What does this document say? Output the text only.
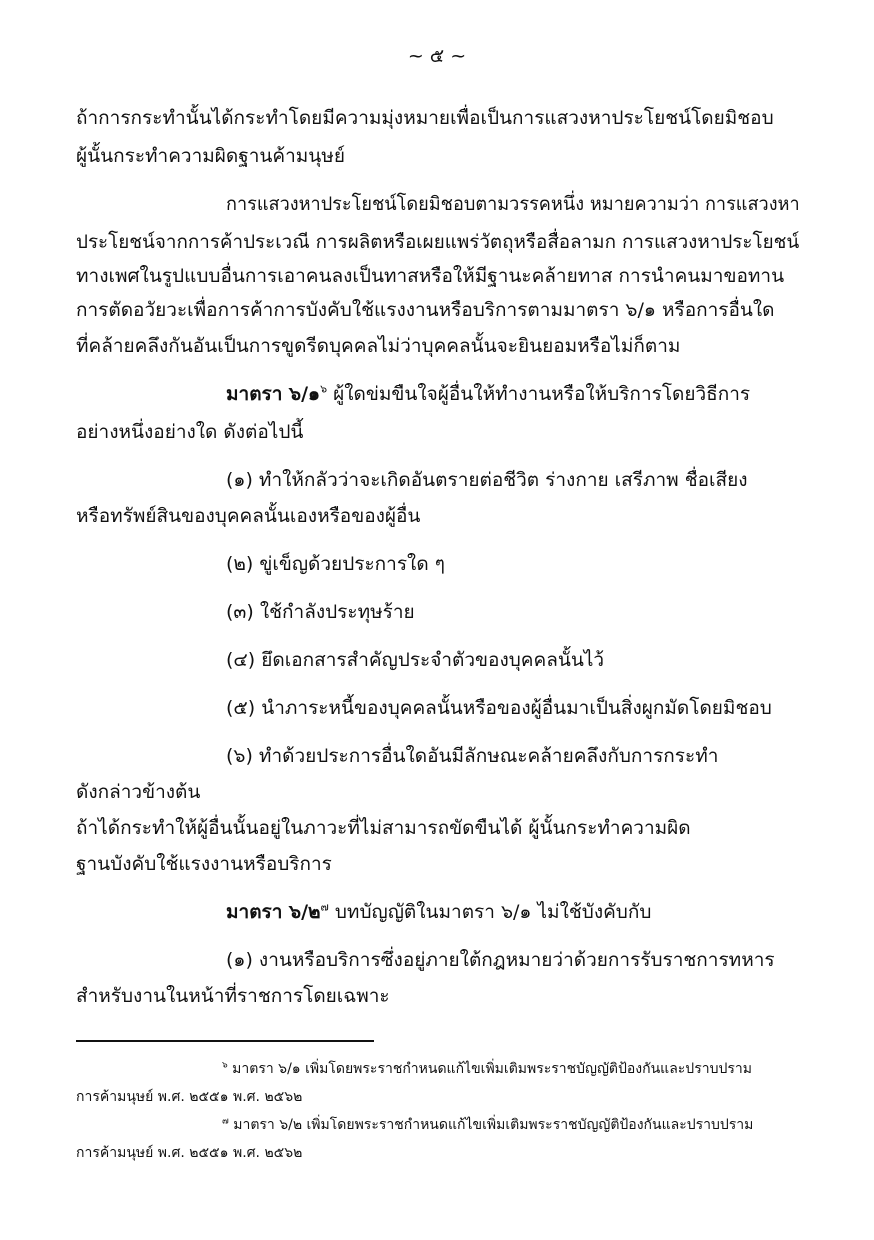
~ ๕ ~
ถ้าการกระทำนั้นได้กระทำโดยมีความมุ่งหมายเพื่อเป็นการแสวงหาประโยชน์โดยมิชอบ
ผู้นั้นกระทำความผิดฐานค้ามนุษย์
การแสวงหาประโยชน์โดยมิชอบตามวรรคหนึ่ง หมายความว่า การแสวงหา
ประโยชน์จากการค้าประเวณี การผลิตหรือเผยแพร่วัตถุหรือสื่อลามก การแสวงหาประโยชน์
ทางเพศในรูปแบบอื่นการเอาคนลงเป็นทาสหรือให้มีฐานะคล้ายทาส การนำคนมาขอทาน
การตัดอวัยวะเพื่อการค้าการบังคับใช้แรงงานหรือบริการตามมาตรา ๖/๑ หรือการอื่นใด
ที่คล้ายคลึงกันอันเป็นการขูดรีดบุคคลไม่ว่าบุคคลนั้นจะยินยอมหรือไม่ก็ตาม
มาตรา ๖/๑$^๖$ ผู้ใดข่มขืนใจผู้อื่นให้ทำงานหรือให้บริการโดยวิธีการ
อย่างหนึ่งอย่างใด ดังต่อไปนี้
(๑) ทำให้กลัวว่าจะเกิดอันตรายต่อชีวิต ร่างกาย เสรีภาพ ชื่อเสียง
หรือทรัพย์สินของบุคคลนั้นเองหรือของผู้อื่น
(๒) ขู่เข็ญด้วยประการใด ๆ
(๓) ใช้กำลังประทุษร้าย
(๔) ยึดเอกสารสำคัญประจำตัวของบุคคลนั้นไว้
(๕) นำภาระหนี้ของบุคคลนั้นหรือของผู้อื่นมาเป็นสิ่งผูกมัดโดยมิชอบ
(๖) ทำด้วยประการอื่นใดอันมีลักษณะคล้ายคลึงกับการกระทำ
ดังกล่าวข้างต้น
ถ้าได้กระทำให้ผู้อื่นนั้นอยู่ในภาวะที่ไม่สามารถขัดขืนได้ ผู้นั้นกระทำความผิด
ฐานบังคับใช้แรงงานหรือบริการ
มาตรา ๖/๒$^๗$ บทบัญญัติในมาตรา ๖/๑ ไม่ใช้บังคับกับ
(๑) งานหรือบริการซึ่งอยู่ภายใต้กฎหมายว่าด้วยการรับราชการทหาร
สำหรับงานในหน้าที่ราชการโดยเฉพาะ
$^๖$ มาตรา ๖/๑ เพิ่มโดยพระราชกำหนดแก้ไขเพิ่มเติมพระราชบัญญัติป้องกันและปราบปราม
การค้ามนุษย์ พ.ศ. ๒๕๕๑ พ.ศ. ๒๕๖๒
$^๗$ มาตรา ๖/๒ เพิ่มโดยพระราชกำหนดแก้ไขเพิ่มเติมพระราชบัญญัติป้องกันและปราบปราม
การค้ามนุษย์ พ.ศ. ๒๕๕๑ พ.ศ. ๒๕๖๒
